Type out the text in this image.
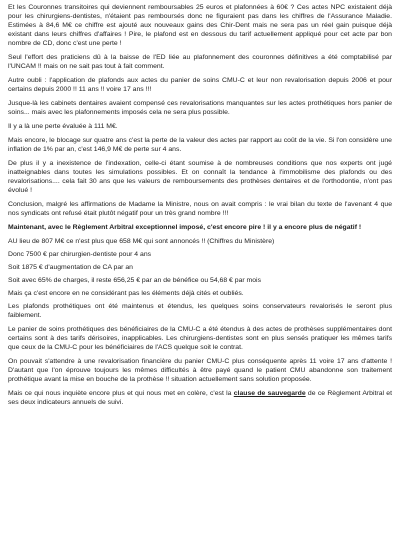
Et les Couronnes transitoires qui deviennent remboursables 25 euros et plafonnées à 60€ ? Ces actes NPC existaient déjà pour les chirurgiens-dentistes, n'étaient pas remboursés donc ne figuraient pas dans les chiffres de l'Assurance Maladie. Estimées à 84,6 M€ ce chiffre est ajouté aux nouveaux gains des Chir-Dent mais ne sera pas un réel gain puisque déjà existant dans leurs chiffres d'affaires ! Pire, le plafond est en dessous du tarif actuellement appliqué pour cet acte par bon nombre de CD, donc c'est une perte !

Seul l'effort des praticiens dû à la baisse de l'ED liée au plafonnement des couronnes définitives a été comptabilisé par l'UNCAM !! mais on ne sait pas tout à fait comment.

Autre oubli : l'application de plafonds aux actes du panier de soins CMU-C et leur non revalorisation depuis 2006 et pour certains depuis 2000 !! 11 ans !! voire 17 ans !!!

Jusque-là les cabinets dentaires avaient compensé ces revalorisations manquantes sur les actes prothétiques hors panier de soins... mais avec les plafonnements imposés cela ne sera plus possible.

Il y a là une perte évaluée à 111 M€.

Mais encore, le blocage sur quatre ans c'est la perte de la valeur des actes par rapport au coût de la vie. Si l'on considère une inflation de 1% par an, c'est 146,9 M€ de perte sur 4 ans.

De plus il y a inexistence de l'indexation, celle-ci étant soumise à de nombreuses conditions que nos experts ont jugé inatteignables dans toutes les simulations possibles. Et on connaît la tendance à l'immobilisme des plafonds ou des revalorisations.... cela fait 30 ans que les valeurs de remboursements des prothèses dentaires et de l'orthodontie, n'ont pas évolué !

Conclusion, malgré les affirmations de Madame la Ministre, nous on avait compris : le vrai bilan du texte de l'avenant 4 que nos syndicats ont refusé était plutôt négatif pour un très grand nombre !!!

Maintenant, avec le Règlement Arbitral exceptionnel imposé, c'est encore pire ! il y a encore plus de négatif !

AU lieu de 807 M€ ce n'est plus que 658 M€ qui sont annoncés !! (Chiffres du Ministère)

Donc 7500 € par chirurgien-dentiste pour 4 ans

Soit 1875 € d'augmentation de CA par an

Soit avec 65% de charges, il reste 656,25 € par an de bénéfice ou 54,68 € par mois

Mais ça c'est encore en ne considérant pas les éléments déjà cités et oubliés.

Les plafonds prothétiques ont été maintenus et étendus, les quelques soins conservateurs revalorisés le seront plus faiblement.

Le panier de soins prothétiques des bénéficiaires de la CMU-C a été étendus à des actes de prothèses supplémentaires dont certains sont à des tarifs dérisoires, inapplicables. Les chirurgiens-dentistes sont en plus sensés pratiquer les mêmes tarifs que ceux de la CMU-C pour les bénéficiaires de l'ACS quelque soit le contrat.

On pouvait s'attendre à une revalorisation financière du panier CMU-C plus conséquente après 11 voire 17 ans d'attente ! D'autant que l'on éprouve toujours les mêmes difficultés à être payé quand le patient CMU abandonne son traitement prothétique avant la mise en bouche de la prothèse !! situation actuellement sans solution proposée.

Mais ce qui nous inquiète encore plus et qui nous met en colère, c'est la clause de sauvegarde de ce Règlement Arbitral et ses deux indicateurs annuels de suivi.
